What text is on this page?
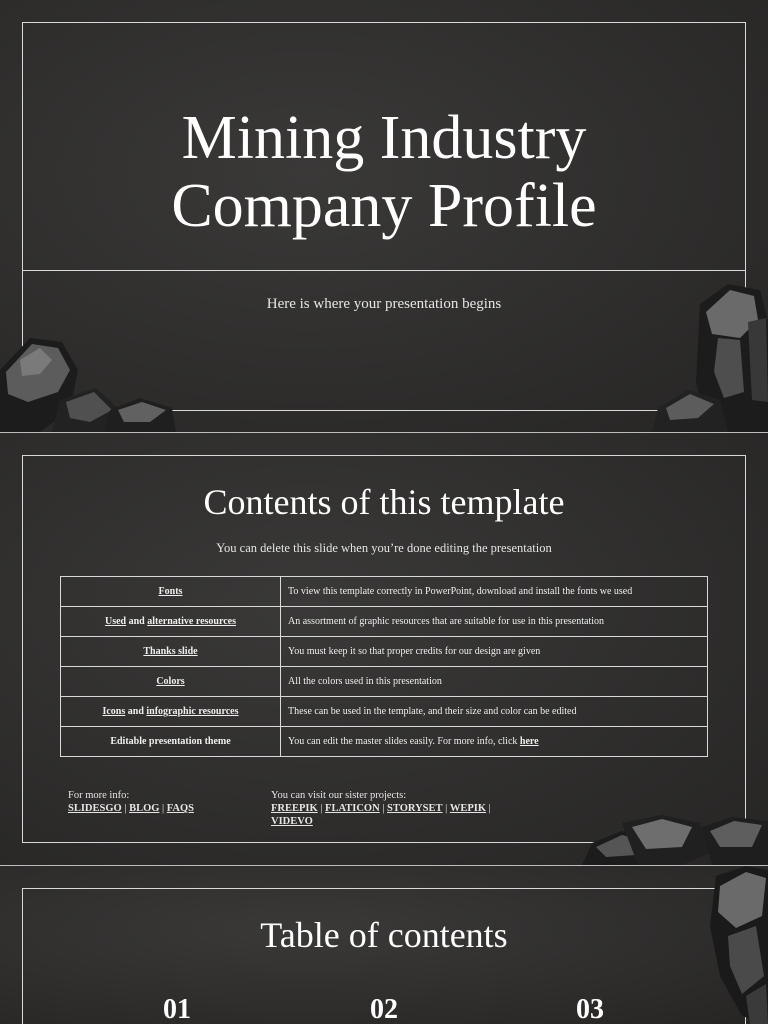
Mining Industry
Company Profile
Here is where your presentation begins
Contents of this template
You can delete this slide when you’re done editing the presentation
Fonts	To view this template correctly in PowerPoint, download and install the fonts we used
Used and alternative resources	An assortment of graphic resources that are suitable for use in this presentation
Thanks slide	You must keep it so that proper credits for our design are given
Colors	All the colors used in this presentation
Icons and infographic resources	These can be used in the template, and their size and color can be edited
Editable presentation theme	You can edit the master slides easily. For more info, click here
For more info:
SLIDESGO | BLOG | FAQS
You can visit our sister projects:
FREEPIK | FLATICON | STORYSET | WEPIK |
VIDEVO
Table of contents
01	02	03
